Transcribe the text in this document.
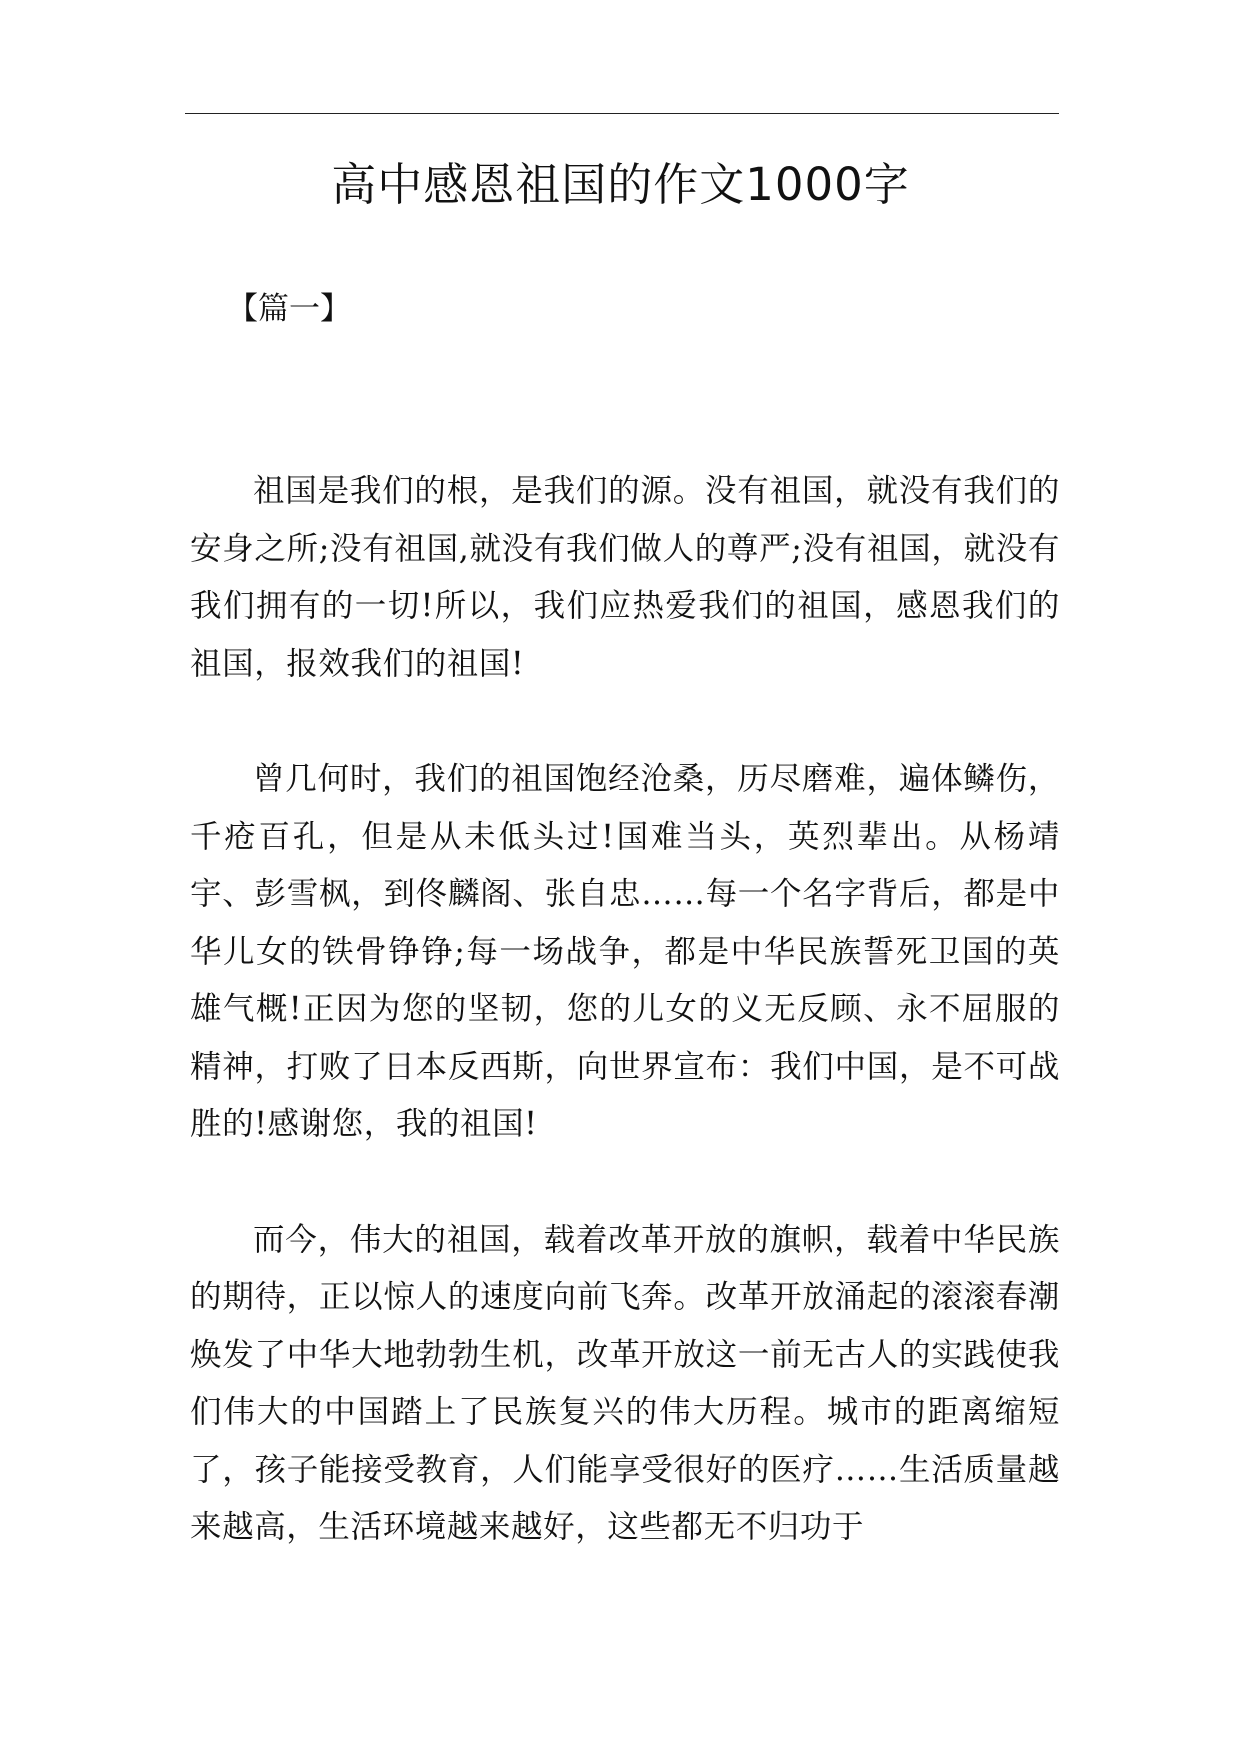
高中感恩祖国的作文1000字
【篇一】

祖国是我们的根，是我们的源。没有祖国，就没有我们的安身之所;没有祖国,就没有我们做人的尊严;没有祖国，就没有我们拥有的一切!所以，我们应热爱我们的祖国，感恩我们的祖国，报效我们的祖国!

曾几何时，我们的祖国饱经沧桑，历尽磨难，遍体鳞伤，千疮百孔，但是从未低头过!国难当头，英烈辈出。从杨靖宇、彭雪枫，到佟麟阁、张自忠……每一个名字背后，都是中华儿女的铁骨铮铮;每一场战争，都是中华民族誓死卫国的英雄气概!正因为您的坚韧，您的儿女的义无反顾、永不屈服的精神，打败了日本反西斯，向世界宣布：我们中国，是不可战胜的!感谢您，我的祖国!

而今，伟大的祖国，载着改革开放的旗帜，载着中华民族的期待，正以惊人的速度向前飞奔。改革开放涌起的滚滚春潮焕发了中华大地勃勃生机，改革开放这一前无古人的实践使我们伟大的中国踏上了民族复兴的伟大历程。城市的距离缩短了，孩子能接受教育，人们能享受很好的医疗……生活质量越来越高，生活环境越来越好，这些都无不归功于
